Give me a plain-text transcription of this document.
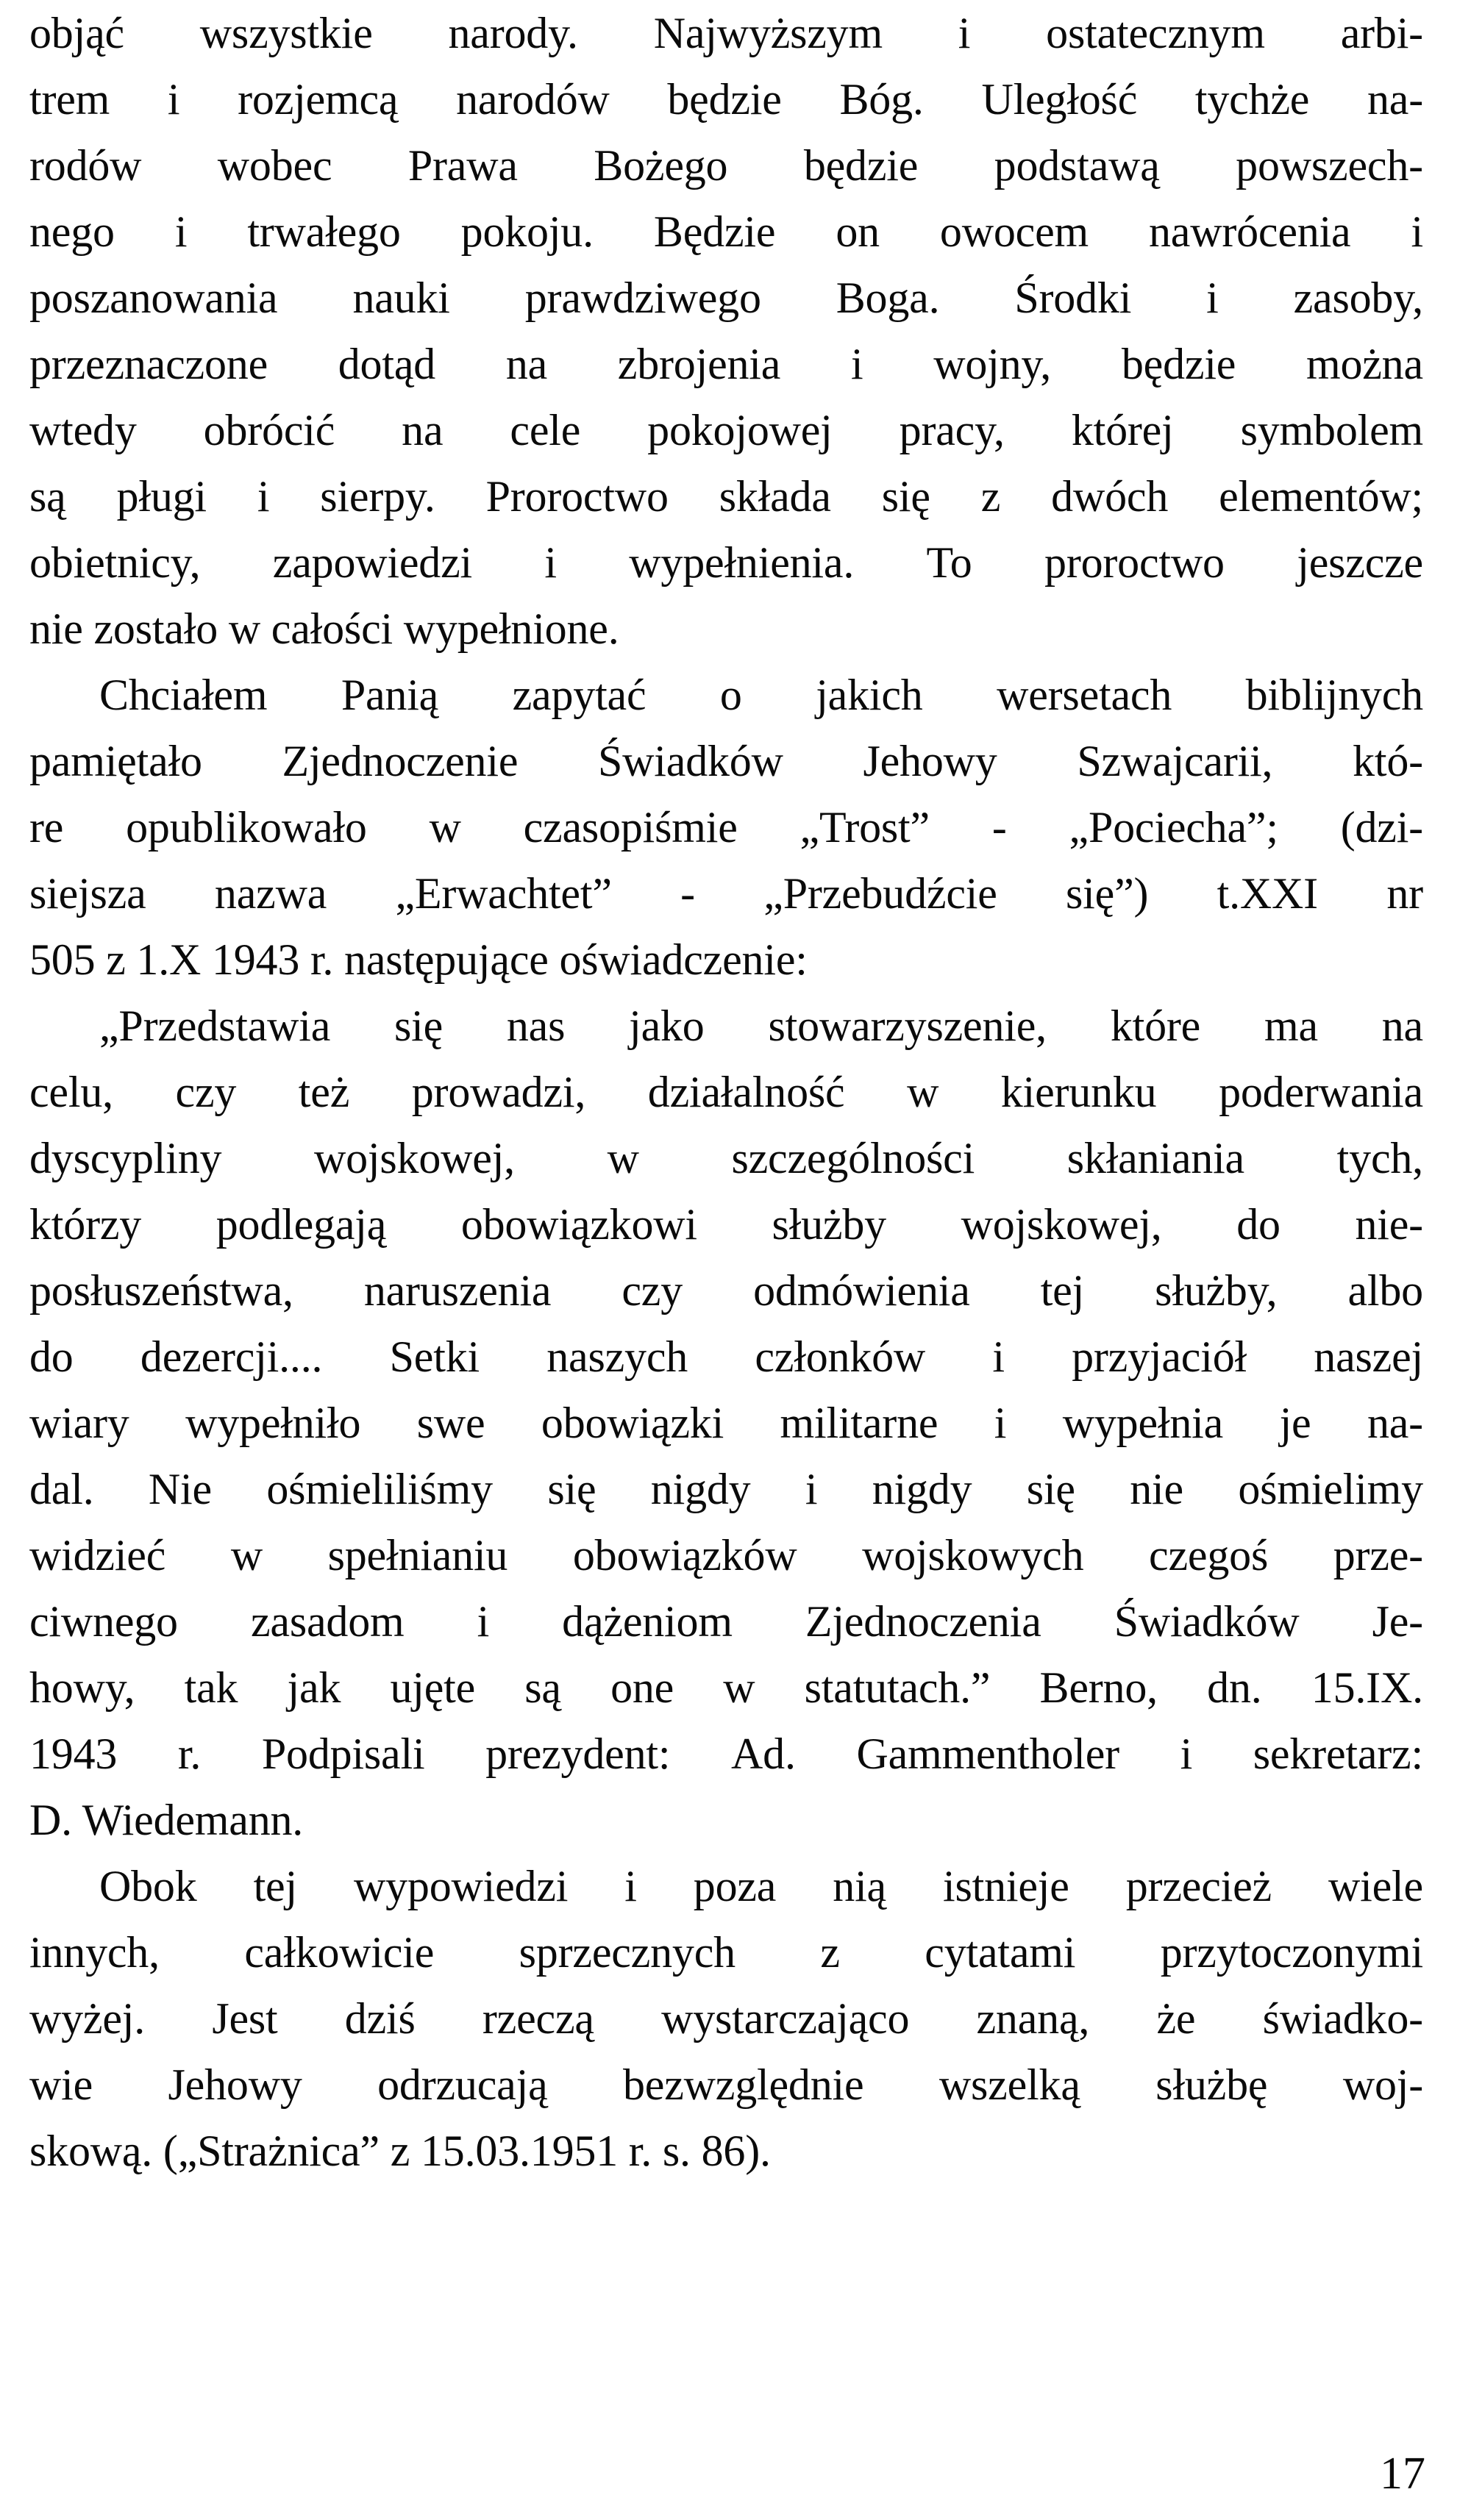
objąć wszystkie narody. Najwyższym i ostatecznym arbi-
trem i rozjemcą narodów będzie Bóg. Uległość tychże na-
rodów wobec Prawa Bożego będzie podstawą powszech-
nego i trwałego pokoju. Będzie on owocem nawrócenia i
poszanowania nauki prawdziwego Boga. Środki i zasoby,
przeznaczone dotąd na zbrojenia i wojny, będzie można
wtedy obrócić na cele pokojowej pracy, której symbolem
są pługi i sierpy. Proroctwo składa się z dwóch elementów;
obietnicy, zapowiedzi i wypełnienia. To proroctwo jeszcze
nie zostało w całości wypełnione.
Chciałem Panią zapytać o jakich wersetach biblijnych
pamiętało Zjednoczenie Świadków Jehowy Szwajcarii, któ-
re opublikowało w czasopiśmie „Trost” - „Pociecha”; (dzi-
siejsza nazwa „Erwachtet” - „Przebudźcie się”) t.XXI nr
505 z 1.X 1943 r. następujące oświadczenie:
„Przedstawia się nas jako stowarzyszenie, które ma na
celu, czy też prowadzi, działalność w kierunku poderwania
dyscypliny wojskowej, w szczególności skłaniania tych,
którzy podlegają obowiązkowi służby wojskowej, do nie-
posłuszeństwa, naruszenia czy odmówienia tej służby, albo
do dezercji.... Setki naszych członków i przyjaciół naszej
wiary wypełniło swe obowiązki militarne i wypełnia je na-
dal. Nie ośmieliliśmy się nigdy i nigdy się nie ośmielimy
widzieć w spełnianiu obowiązków wojskowych czegoś prze-
ciwnego zasadom i dążeniom Zjednoczenia Świadków Je-
howy, tak jak ujęte są one w statutach.” Berno, dn. 15.IX.
1943 r. Podpisali prezydent: Ad. Gammentholer i sekretarz:
D. Wiedemann.
Obok tej wypowiedzi i poza nią istnieje przecież wiele
innych, całkowicie sprzecznych z cytatami przytoczonymi
wyżej. Jest dziś rzeczą wystarczająco znaną, że świadko-
wie Jehowy odrzucają bezwzględnie wszelką służbę woj-
skową. („Strażnica” z 15.03.1951 r. s. 86).
17
